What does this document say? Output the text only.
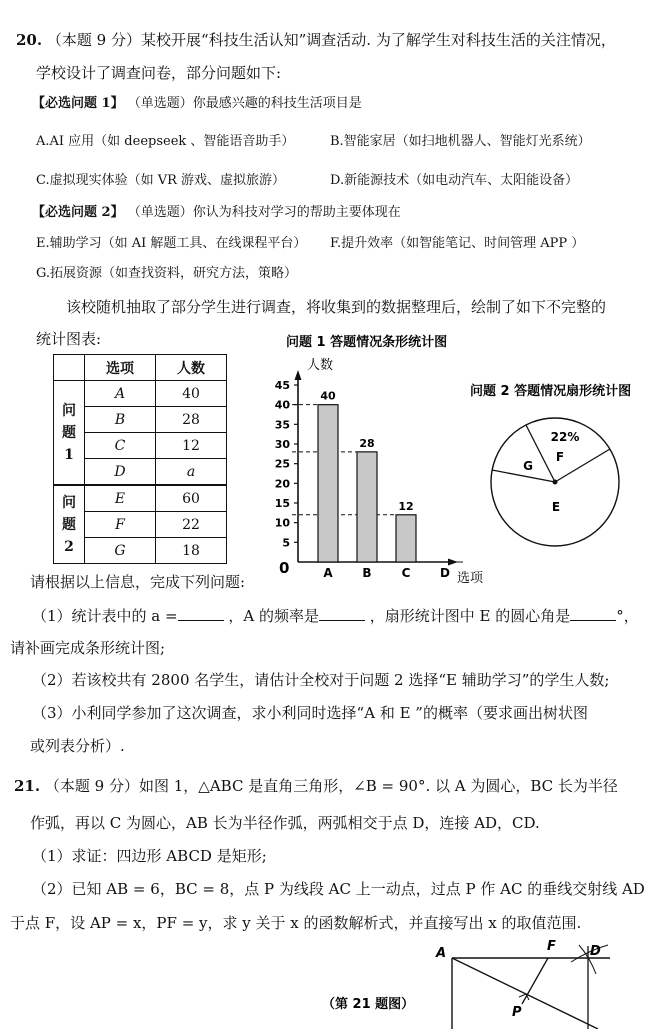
20. （本题 9 分）某校开展“科技生活认知”调查活动. 为了解学生对科技生活的关注情况，
学校设计了调查问卷，部分问题如下:
【必选问题 1】 （单选题）你最感兴趣的科技生活项目是
A.AI 应用（如 deepseek 、智能语音助手）	B.智能家居（如扫地机器人、智能灯光系统）
C.虚拟现实体验（如 VR 游戏、虚拟旅游）	D.新能源技术（如电动汽车、太阳能设备）
【必选问题 2】 （单选题）你认为科技对学习的帮助主要体现在
E.辅助学习（如 AI 解题工具、在线课程平台） F.提升效率（如智能笔记、时间管理 APP ）
G.拓展资源（如查找资料，研究方法，策略）
该校随机抽取了部分学生进行调查，将收集到的数据整理后，绘制了如下不完整的
统计图表:
	选项	人数
问题1	A	40
	B	28
	C	12
	D	a
问题2	E	60
	F	22
	G	18
问题 1 答题情况条形统计图
人数
0
选项
5
10
15
20
25
30
35
40
45
A B	C D
40
28
12
问题 2 答题情况扇形统计图
22%
F
G
E
A	F	D
P
（第 21 题图）
请根据以上信息，完成下列问题:
（1）统计表中的 a =	，A 的频率是	，扇形统计图中 E 的圆心角是	°，
请补画完成条形统计图;
（2）若该校共有 2800 名学生，请估计全校对于问题 2 选择“E 辅助学习”的学生人数;
（3）小利同学参加了这次调查，求小利同时选择“A 和 E ”的概率（要求画出树状图
或列表分析）.
21. （本题 9 分）如图 1，△ABC 是直角三角形，∠B = 90°. 以 A 为圆心，BC 长为半径
作弧，再以 C 为圆心，AB 长为半径作弧，两弧相交于点 D，连接 AD，CD.
（1）求证：四边形 ABCD 是矩形;
（2）已知 AB = 6，BC = 8，点 P 为线段 AC 上一动点，过点 P 作 AC 的垂线交射线 AD
于点 F，设 AP = x，PF = y，求 y 关于 x 的函数解析式，并直接写出 x 的取值范围.
